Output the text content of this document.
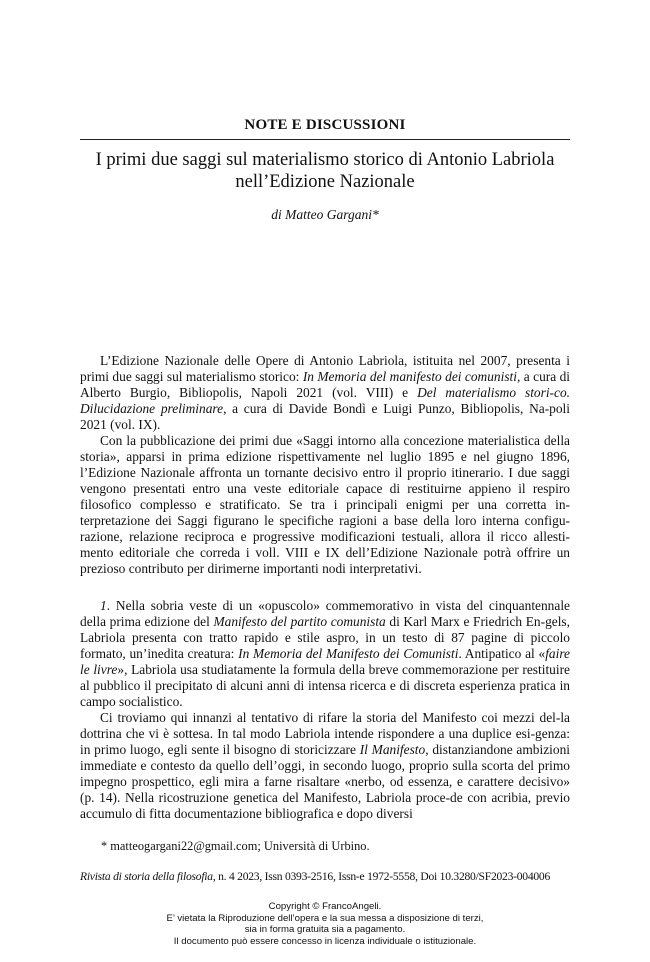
NOTE E DISCUSSIONI
I primi due saggi sul materialismo storico di Antonio Labriola
nell’Edizione Nazionale
di Matteo Gargani*

L’Edizione Nazionale delle Opere di Antonio Labriola, istituita nel 2007, presenta i primi due saggi sul materialismo storico: In Memoria del manifesto dei comunisti, a cura di Alberto Burgio, Bibliopolis, Napoli 2021 (vol. VIII) e Del materialismo stori-co. Dilucidazione preliminare, a cura di Davide Bondì e Luigi Punzo, Bibliopolis, Na-poli 2021 (vol. IX).

Con la pubblicazione dei primi due «Saggi intorno alla concezione materialistica della storia», apparsi in prima edizione rispettivamente nel luglio 1895 e nel giugno 1896, l’Edizione Nazionale affronta un tornante decisivo entro il proprio itinerario. I due saggi vengono presentati entro una veste editoriale capace di restituirne appieno il respiro filosofico complesso e stratificato. Se tra i principali enigmi per una corretta in-terpretazione dei Saggi figurano le specifiche ragioni a base della loro interna configu-razione, relazione reciproca e progressive modificazioni testuali, allora il ricco allesti-mento editoriale che correda i voll. VIII e IX dell’Edizione Nazionale potrà offrire un prezioso contributo per dirimerne importanti nodi interpretativi.

1. Nella sobria veste di un «opuscolo» commemorativo in vista del cinquantennale della prima edizione del Manifesto del partito comunista di Karl Marx e Friedrich En-gels, Labriola presenta con tratto rapido e stile aspro, in un testo di 87 pagine di piccolo formato, un’inedita creatura: In Memoria del Manifesto dei Comunisti. Antipatico al «faire le livre», Labriola usa studiatamente la formula della breve commemorazione per restituire al pubblico il precipitato di alcuni anni di intensa ricerca e di discreta esperienza pratica in campo socialistico.

Ci troviamo qui innanzi al tentativo di rifare la storia del Manifesto coi mezzi del-la dottrina che vi è sottesa. In tal modo Labriola intende rispondere a una duplice esi-genza: in primo luogo, egli sente il bisogno di storicizzare Il Manifesto, distanziandone ambizioni immediate e contesto da quello dell’oggi, in secondo luogo, proprio sulla scorta del primo impegno prospettico, egli mira a farne risaltare «nerbo, od essenza, e carattere decisivo» (p. 14). Nella ricostruzione genetica del Manifesto, Labriola proce-de con acribia, previo accumulo di fitta documentazione bibliografica e dopo diversi

* matteogargani22@gmail.com; Università di Urbino.
Rivista di storia della filosofia, n. 4 2023, Issn 0393-2516, Issn-e 1972-5558, Doi 10.3280/SF2023-004006
Copyright © FrancoAngeli.
E’ vietata la Riproduzione dell’opera e la sua messa a disposizione di terzi,
sia in forma gratuita sia a pagamento.
Il documento può essere concesso in licenza individuale o istituzionale.
